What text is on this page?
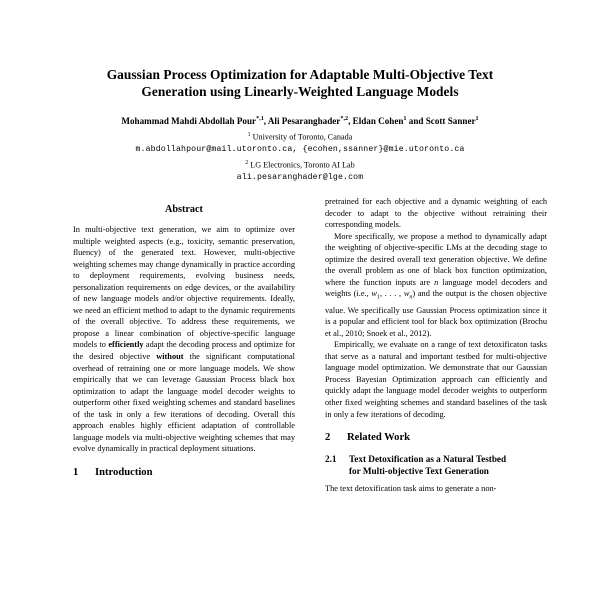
Gaussian Process Optimization for Adaptable Multi-Objective Text
Generation using Linearly-Weighted Language Models
Mohammad Mahdi Abdollah Pour$^{*,1}$, Ali Pesaranghader$^{*,2}$, Eldan Cohen$^1$ and Scott Sanner$^1$
$^1$ University of Toronto, Canada
m.abdollahpour@mail.utoronto.ca, {ecohen,ssanner}@mie.utoronto.ca
$^2$ LG Electronics, Toronto AI Lab
ali.pesaranghader@lge.com
Abstract

In multi-objective text generation, we aim to optimize over multiple weighted aspects (e.g., toxicity, semantic preservation, fluency) of the generated text. However, multi-objective weighting schemes may change dynamically in practice according to deployment requirements, evolving business needs, personalization requirements on edge devices, or the availability of new language models and/or objective requirements. Ideally, we need an efficient method to adapt to the dynamic requirements of the overall objective. To address these requirements, we propose a linear combination of objective-specific language models to efficiently adapt the decoding process and optimize for the desired objective without the significant computational overhead of retraining one or more language models. We show empirically that we can leverage Gaussian Process black box optimization to adapt the language model decoder weights to outperform other fixed weighting schemes and standard baselines of the task in only a few iterations of decoding. Overall this approach enables highly efficient adaptation of controllable language models via multi-objective weighting schemes that may evolve dynamically in practical deployment situations.

1	Introduction

pretrained for each objective and a dynamic weighting of each decoder to adapt to the objective without retraining their corresponding models.

More specifically, we propose a method to dynamically adapt the weighting of objective-specific LMs at the decoding stage to optimize the desired overall text generation objective. We define the overall problem as one of black box function optimization, where the function inputs are n language model decoders and weights (i.e., $w_1$, . . . , $w_n$) and the output is the chosen objective value. We specifically use Gaussian Process optimization since it is a popular and efficient tool for black box optimization (Brochu et al., 2010; Snoek et al., 2012).

Empirically, we evaluate on a range of text detoxificaton tasks that serve as a natural and important testbed for multi-objective language model optimization. We demonstrate that our Gaussian Process Bayesian Optimization approach can efficiently and quickly adapt the language model decoder weights to outperform other fixed weighting schemes and standard baselines of the task in only a few iterations of decoding.

2	Related Work
2.1	Text Detoxification as a Natural Testbed
for Multi-objective Text Generation

The text detoxification task aims to generate a non-
